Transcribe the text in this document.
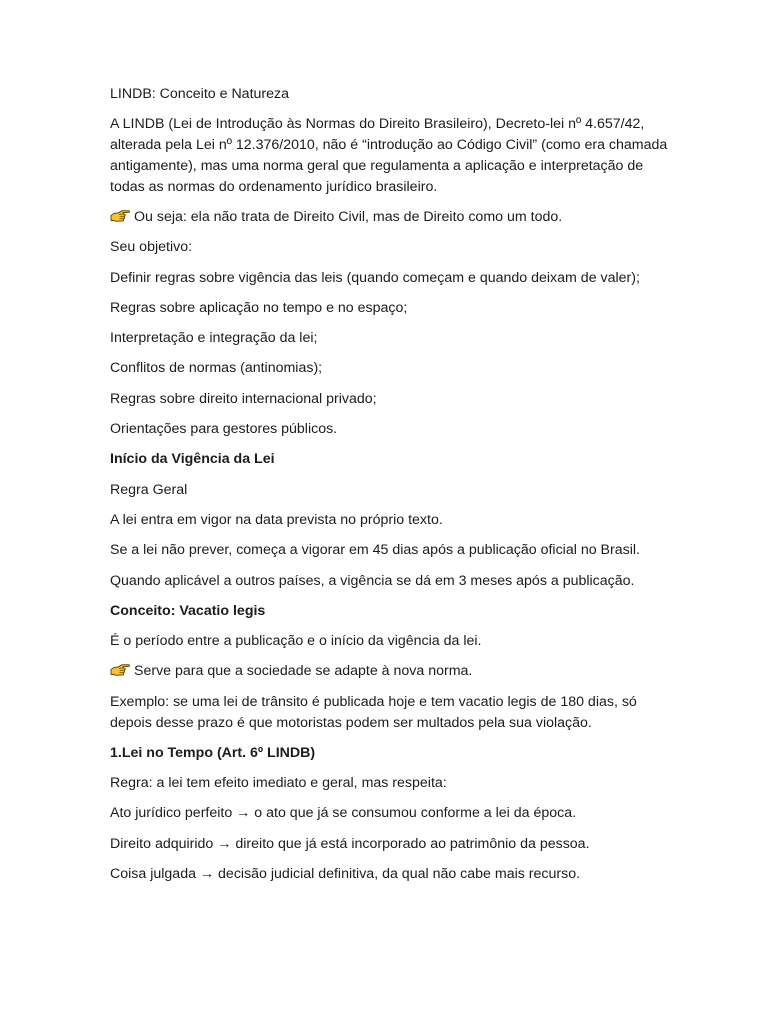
LINDB: Conceito e Natureza

A LINDB (Lei de Introdução às Normas do Direito Brasileiro), Decreto-lei nº 4.657/42, alterada pela Lei nº 12.376/2010, não é “introdução ao Código Civil” (como era chamada antigamente), mas uma norma geral que regulamenta a aplicação e interpretação de todas as normas do ordenamento jurídico brasileiro.

Ou seja: ela não trata de Direito Civil, mas de Direito como um todo.

Seu objetivo:

Definir regras sobre vigência das leis (quando começam e quando deixam de valer);

Regras sobre aplicação no tempo e no espaço;

Interpretação e integração da lei;

Conflitos de normas (antinomias);

Regras sobre direito internacional privado;

Orientações para gestores públicos.

Início da Vigência da Lei

Regra Geral

A lei entra em vigor na data prevista no próprio texto.

Se a lei não prever, começa a vigorar em 45 dias após a publicação oficial no Brasil.

Quando aplicável a outros países, a vigência se dá em 3 meses após a publicação.

Conceito: Vacatio legis

É o período entre a publicação e o início da vigência da lei.

Serve para que a sociedade se adapte à nova norma.

Exemplo: se uma lei de trânsito é publicada hoje e tem vacatio legis de 180 dias, só depois desse prazo é que motoristas podem ser multados pela sua violação.

1.Lei no Tempo (Art. 6º LINDB)

Regra: a lei tem efeito imediato e geral, mas respeita:

Ato jurídico perfeito → o ato que já se consumou conforme a lei da época.

Direito adquirido → direito que já está incorporado ao patrimônio da pessoa.

Coisa julgada → decisão judicial definitiva, da qual não cabe mais recurso.
